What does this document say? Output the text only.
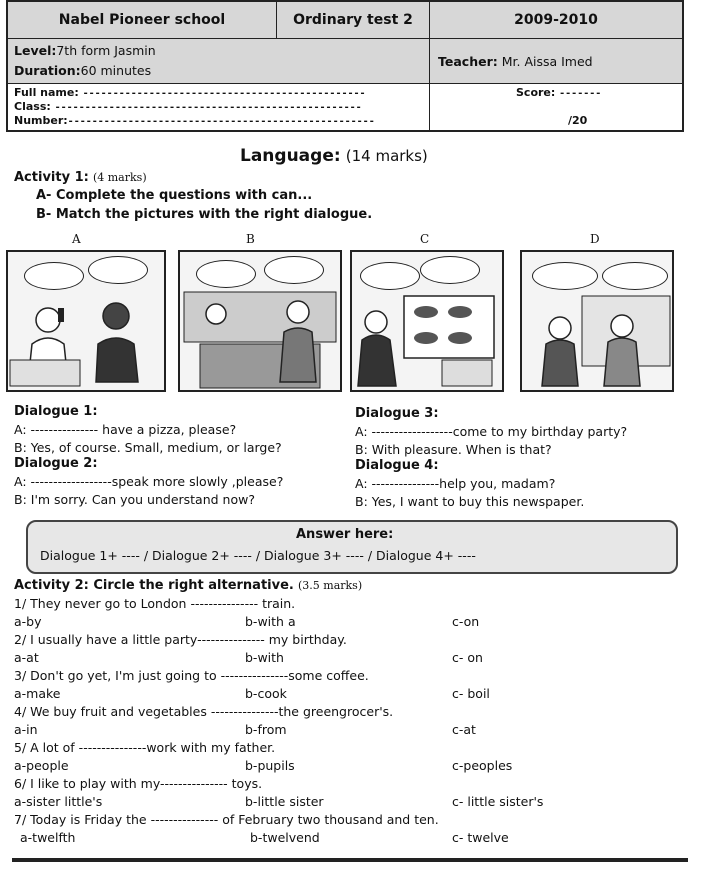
Nabel Pioneer school	Ordinary test 2	2009-2010
Level:7th form Jasmin
Duration:60 minutes
Teacher: Mr. Aissa Imed
Full name: -----------------------------------------------
Class: ---------------------------------------------------
Number:---------------------------------------------------
Score: -------
/20
Language: (14 marks)
Activity 1: (4 marks)
A- Complete the questions with can...
B- Match the pictures with the right dialogue.
A	B	C	D
Dialogue 1:
A: --------------- have a pizza, please?
B: Yes, of course. Small, medium, or large?
Dialogue 2:
A: ------------------speak more slowly ,please?
B: I'm sorry. Can you understand now?
Dialogue 3:
A: ------------------come to my birthday party?
B: With pleasure. When is that?
Dialogue 4:
A: ---------------help you, madam?
B: Yes, I want to buy this newspaper.
Answer here:
Dialogue 1+ ---- / Dialogue 2+ ---- / Dialogue 3+ ---- / Dialogue 4+ ----
Activity 2: Circle the right alternative. (3.5 marks)
1/ They never go to London --------------- train.
a-by	b-with a	c-on
2/ I usually have a little party--------------- my birthday.
a-at	b-with	c- on
3/ Don't go yet, I'm just going to ---------------some coffee.
a-make	b-cook	c- boil
4/ We buy fruit and vegetables ---------------the greengrocer's.
a-in	b-from	c-at
5/ A lot of ---------------work with my father.
a-people	b-pupils	c-peoples
6/ I like to play with my--------------- toys.
a-sister little's	b-little sister	c- little sister's
7/ Today is Friday the --------------- of February two thousand and ten.
a-twelfth	b-twelvend	c- twelve
